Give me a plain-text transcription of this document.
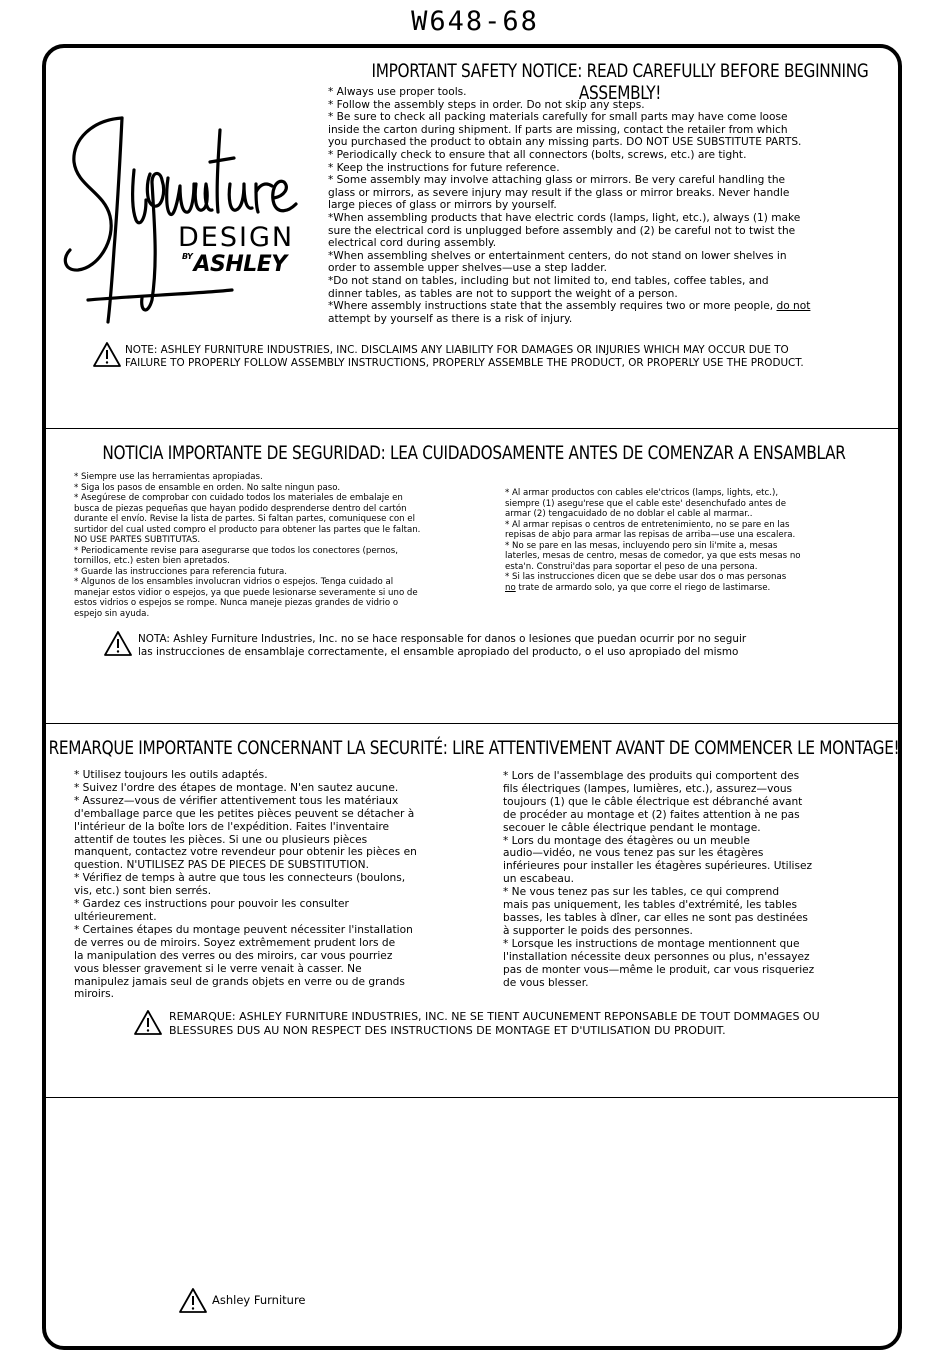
W648-68
DESIGN
$^{BY}$ASHLEY
IMPORTANT SAFETY NOTICE: READ CAREFULLY BEFORE BEGINNING ASSEMBLY!
* Always use proper tools.
* Follow the assembly steps in order. Do not skip any steps.
* Be sure to check all packing materials carefully for small parts may have come loose
inside the carton during shipment. If parts are missing, contact the retailer from which
you purchased the product to obtain any missing parts. DO NOT USE SUBSTITUTE PARTS.
* Periodically check to ensure that all connectors (bolts, screws, etc.) are tight.
* Keep the instructions for future reference.
* Some assembly may involve attaching glass or mirrors. Be very careful handling the
glass or mirrors, as severe injury may result if the glass or mirror breaks. Never handle
large pieces of glass or mirrors by yourself.
*When assembling products that have electric cords (lamps, light, etc.), always (1) make
sure the electrical cord is unplugged before assembly and (2) be careful not to twist the
electrical cord during assembly.
*When assembling shelves or entertainment centers, do not stand on lower shelves in
order to assemble upper shelves—use a step ladder.
*Do not stand on tables, including but not limited to, end tables, coffee tables, and
dinner tables, as tables are not to support the weight of a person.
*Where assembly instructions state that the assembly requires two or more people, do not
attempt by yourself as there is a risk of injury.
NOTE: ASHLEY FURNITURE INDUSTRIES, INC. DISCLAIMS ANY LIABILITY FOR DAMAGES OR INJURIES WHICH MAY OCCUR DUE TO
FAILURE TO PROPERLY FOLLOW ASSEMBLY INSTRUCTIONS, PROPERLY ASSEMBLE THE PRODUCT, OR PROPERLY USE THE PRODUCT.
NOTICIA IMPORTANTE DE SEGURIDAD: LEA CUIDADOSAMENTE ANTES DE COMENZAR A ENSAMBLAR
* Siempre use las herramientas apropiadas.
* Siga los pasos de ensamble en orden. No salte ningun paso.
* Asegúrese de comprobar con cuidado todos los materiales de embalaje en
busca de piezas pequeñas que hayan podido desprenderse dentro del cartón
durante el envío. Revise la lista de partes. Si faltan partes, comuniquese con el
surtidor del cual usted compro el producto para obtener las partes que le faltan.
NO USE PARTES SUBTITUTAS.
* Periodicamente revise para asegurarse que todos los conectores (pernos,
tornillos, etc.) esten bien apretados.
* Guarde las instrucciones para referencia futura.
* Algunos de los ensambles involucran vidrios o espejos. Tenga cuidado al
manejar estos vidior o espejos, ya que puede lesionarse severamente si uno de
estos vidrios o espejos se rompe. Nunca maneje piezas grandes de vidrio o
espejo sin ayuda.
* Al armar productos con cables ele'ctricos (lamps, lights, etc.),
siempre (1) asegu'rese que el cable este' desenchufado antes de
armar (2) tengacuidado de no doblar el cable al marmar..
* Al armar repisas o centros de entretenimiento, no se pare en las
repisas de abjo para armar las repisas de arriba—use una escalera.
* No se pare en las mesas, incluyendo pero sin li'mite a, mesas
laterles, mesas de centro, mesas de comedor, ya que ests mesas no
esta'n. Construi'das para soportar el peso de una persona.
* Si las instrucciones dicen que se debe usar dos o mas personas
no trate de armardo solo, ya que corre el riego de lastimarse.
NOTA: Ashley Furniture Industries, Inc. no se hace responsable for danos o lesiones que puedan ocurrir por no seguir
las instrucciones de ensamblaje correctamente, el ensamble apropiado del producto, o el uso apropiado del mismo
REMARQUE IMPORTANTE CONCERNANT LA SECURITÉ: LIRE ATTENTIVEMENT AVANT DE COMMENCER LE MONTAGE!
* Utilisez toujours les outils adaptés.
* Suivez l'ordre des étapes de montage. N'en sautez aucune.
* Assurez—vous de vérifier attentivement tous les matériaux
d'emballage parce que les petites pièces peuvent se détacher à
l'intérieur de la boîte lors de l'expédition. Faites l'inventaire
attentif de toutes les pièces. Si une ou plusieurs pièces
manquent, contactez votre revendeur pour obtenir les pièces en
question. N'UTILISEZ PAS DE PIECES DE SUBSTITUTION.
* Vérifiez de temps à autre que tous les connecteurs (boulons,
vis, etc.) sont bien serrés.
* Gardez ces instructions pour pouvoir les consulter
ultérieurement.
* Certaines étapes du montage peuvent nécessiter l'installation
de verres ou de miroirs. Soyez extrêmement prudent lors de
la manipulation des verres ou des miroirs, car vous pourriez
vous blesser gravement si le verre venait à casser. Ne
manipulez jamais seul de grands objets en verre ou de grands
miroirs.
* Lors de l'assemblage des produits qui comportent des
fils électriques (lampes, lumières, etc.), assurez—vous
toujours (1) que le câble électrique est débranché avant
de procéder au montage et (2) faites attention à ne pas
secouer le câble électrique pendant le montage.
* Lors du montage des étagères ou un meuble
audio—vidéo, ne vous tenez pas sur les étagères
inférieures pour installer les étagères supérieures. Utilisez
un escabeau.
* Ne vous tenez pas sur les tables, ce qui comprend
mais pas uniquement, les tables d'extrémité, les tables
basses, les tables à dîner, car elles ne sont pas destinées
à supporter le poids des personnes.
* Lorsque les instructions de montage mentionnent que
l'installation nécessite deux personnes ou plus, n'essayez
pas de monter vous—même le produit, car vous risqueriez
de vous blesser.
REMARQUE: ASHLEY FURNITURE INDUSTRIES, INC. NE SE TIENT AUCUNEMENT REPONSABLE DE TOUT DOMMAGES OU
BLESSURES DUS AU NON RESPECT DES INSTRUCTIONS DE MONTAGE ET D'UTILISATION DU PRODUIT.
Ashley Furniture
